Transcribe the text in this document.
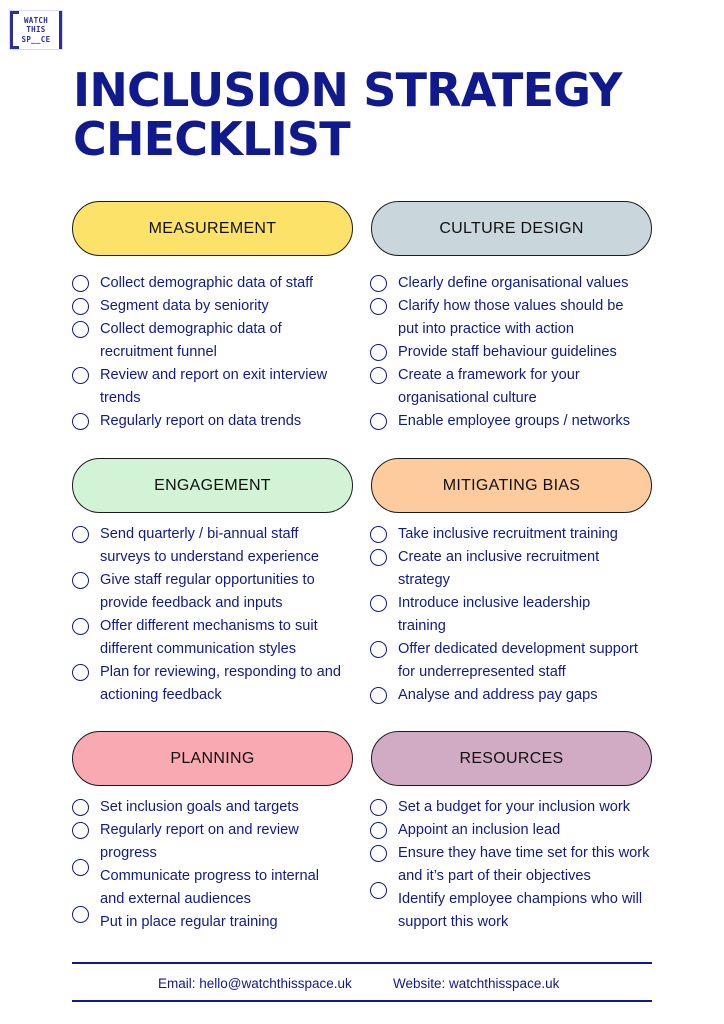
WATCH
THIS
SP__CE
INCLUSION STRATEGY
CHECKLIST
MEASUREMENT
Collect demographic data of staff
Segment data by seniority
Collect demographic data of recruitment funnel
Review and report on exit interview trends
Regularly report on data trends
CULTURE DESIGN
Clearly define organisational values
Clarify how those values should be put into practice with action
Provide staff behaviour guidelines
Create a framework for your organisational culture
Enable employee groups / networks
ENGAGEMENT
Send quarterly / bi-annual staff surveys to understand experience
Give staff regular opportunities to provide feedback and inputs
Offer different mechanisms to suit different communication styles
Plan for reviewing, responding to and actioning feedback
MITIGATING BIAS
Take inclusive recruitment training
Create an inclusive recruitment strategy
Introduce inclusive leadership training
Offer dedicated development support for underrepresented staff
Analyse and address pay gaps
PLANNING
Set inclusion goals and targets
Regularly report on and review progress
Communicate progress to internal and external audiences
Put in place regular training
RESOURCES
Set a budget for your inclusion work
Appoint an inclusion lead
Ensure they have time set for this work and it’s part of their objectives
Identify employee champions who will support this work
Email: hello@watchthisspace.uk	Website: watchthisspace.uk
